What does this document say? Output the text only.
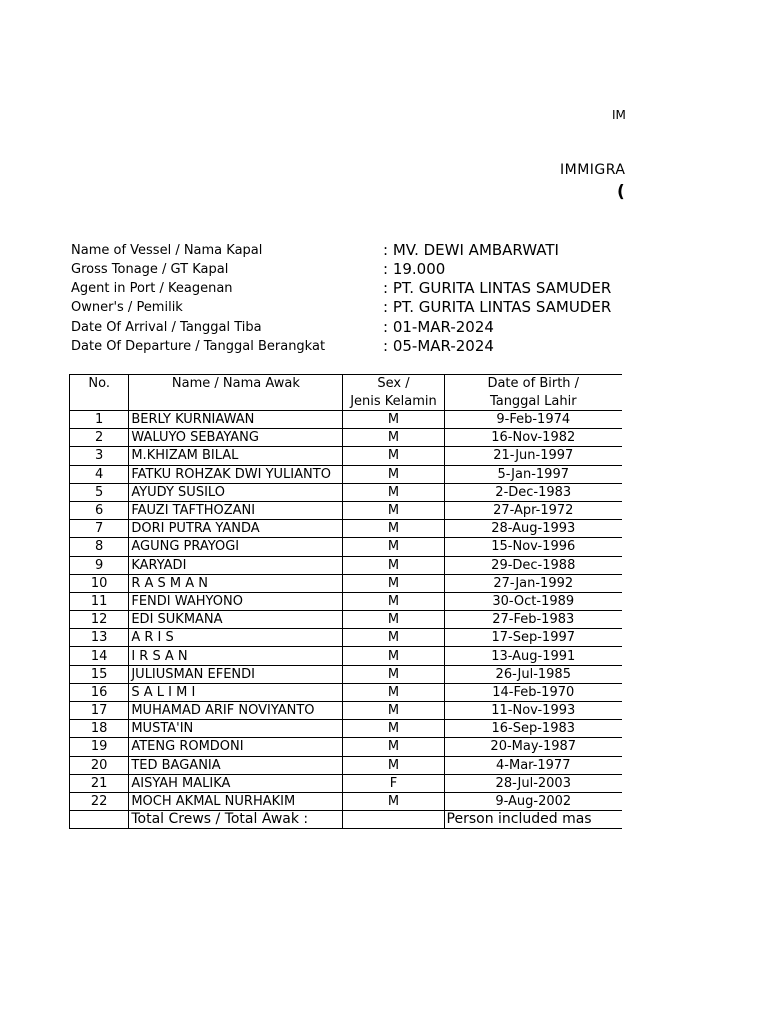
IM
IMMIGRA
(
Name of Vessel / Nama Kapal	: MV. DEWI AMBARWATI
Gross Tonage / GT Kapal	: 19.000
Agent in Port / Keagenan	: PT. GURITA LINTAS SAMUDER
Owner's / Pemilik	: PT. GURITA LINTAS SAMUDER
Date Of Arrival / Tanggal Tiba	: 01-MAR-2024
Date Of Departure / Tanggal Berangkat	: 05-MAR-2024
No.	Name / Nama Awak	Sex /	Date of Birth /
		Jenis Kelamin	Tanggal Lahir
1	BERLY KURNIAWAN	M	9-Feb-1974
2	WALUYO SEBAYANG	M	16-Nov-1982
3	M.KHIZAM BILAL	M	21-Jun-1997
4	FATKU ROHZAK DWI YULIANTO	M	5-Jan-1997
5	AYUDY SUSILO	M	2-Dec-1983
6	FAUZI TAFTHOZANI	M	27-Apr-1972
7	DORI PUTRA YANDA	M	28-Aug-1993
8	AGUNG PRAYOGI	M	15-Nov-1996
9	KARYADI	M	29-Dec-1988
10	R A S M A N	M	27-Jan-1992
11	FENDI WAHYONO	M	30-Oct-1989
12	EDI SUKMANA	M	27-Feb-1983
13	A R I S	M	17-Sep-1997
14	I R S A N	M	13-Aug-1991
15	JULIUSMAN EFENDI	M	26-Jul-1985
16	S A L I M I	M	14-Feb-1970
17	MUHAMAD ARIF NOVIYANTO	M	11-Nov-1993
18	MUSTA'IN	M	16-Sep-1983
19	ATENG ROMDONI	M	20-May-1987
20	TED BAGANIA	M	4-Mar-1977
21	AISYAH MALIKA	F	28-Jul-2003
22	MOCH AKMAL NURHAKIM	M	9-Aug-2002
	Total Crews / Total Awak :		Person included mas
